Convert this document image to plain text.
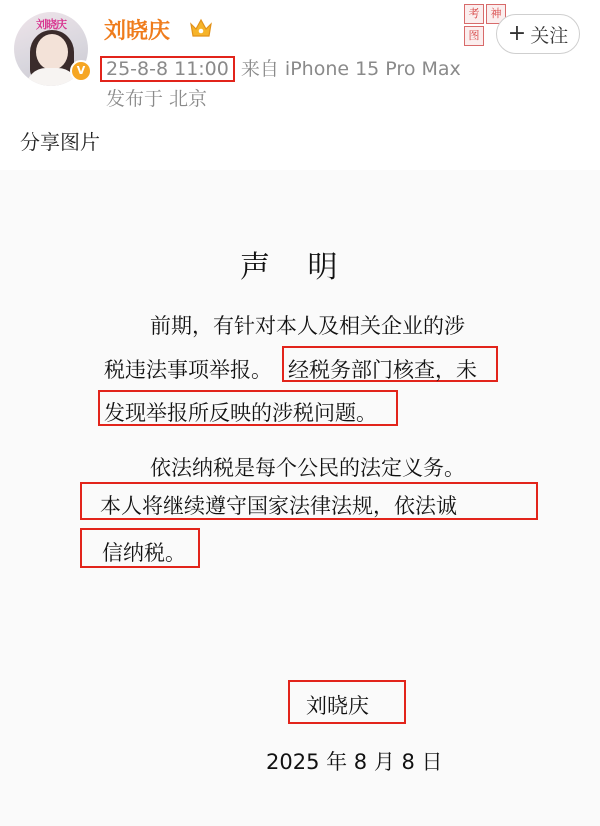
刘晓庆
V
刘晓庆
25-8-8 11:00 来自 iPhone 15 Pro Max
发布于 北京
考 神图	+ 关注
分享图片
声 明
前期，有针对本人及相关企业的涉
税违法事项举报。 经税务部门核查，未
发现举报所反映的涉税问题。
依法纳税是每个公民的法定义务。
本人将继续遵守国家法律法规，依法诚
信纳税。
刘晓庆
2025 年 8 月 8 日
